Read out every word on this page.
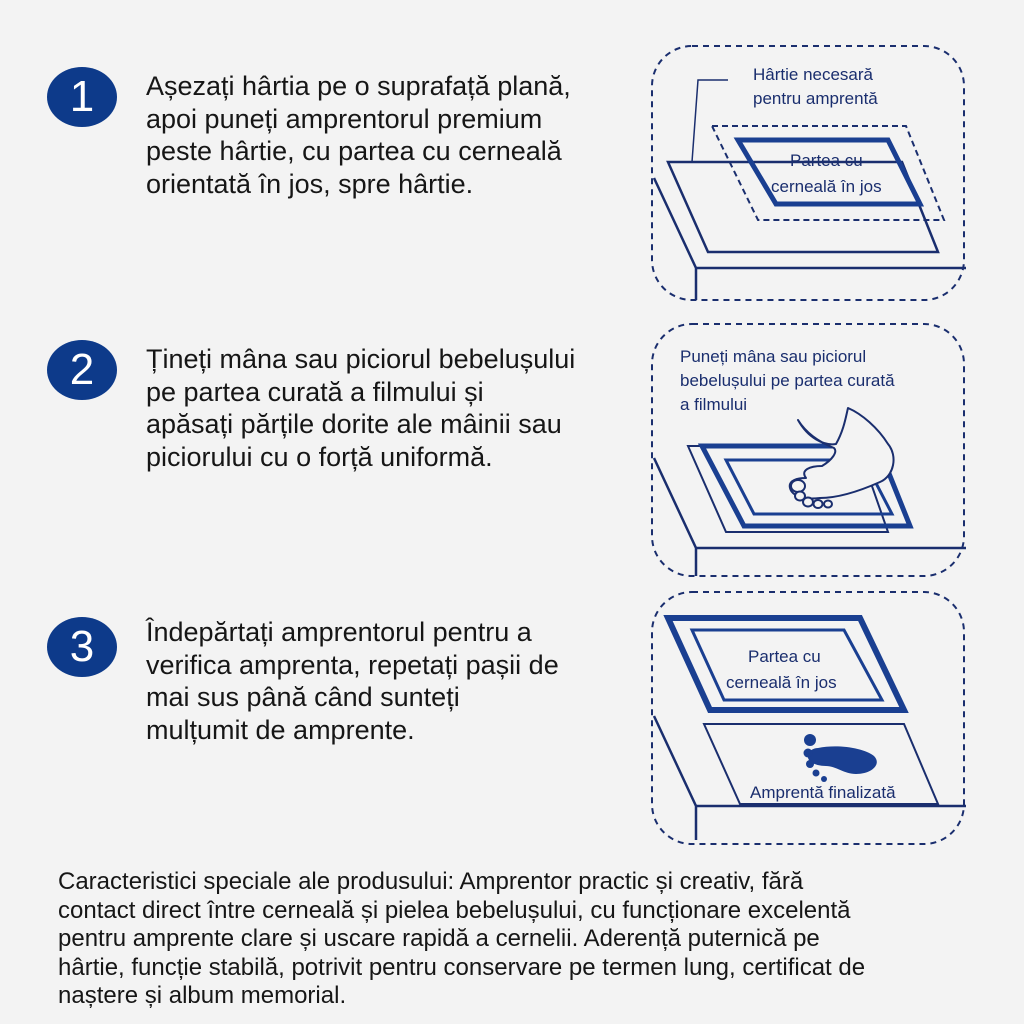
1	Așezați hârtia pe o suprafață plană,
apoi puneți amprentorul premium
peste hârtie, cu partea cu cerneală
orientată în jos, spre hârtie.

Hârtie necesară
pentru amprentă
Partea cu
cerneală în jos
2	Țineți mâna sau piciorul bebelușului
pe partea curată a filmului și
apăsați părțile dorite ale mâinii sau
piciorului cu o forță uniformă.

Puneți mâna sau piciorul
bebelușului pe partea curată
a filmului
3	Îndepărtați amprentorul pentru a
verifica amprenta, repetați pașii de
mai sus până când sunteți
mulțumit de amprente.

Partea cu
cerneală în jos
Amprentă finalizată

Caracteristici speciale ale produsului: Amprentor practic și creativ, fără
contact direct între cerneală și pielea bebelușului, cu funcționare excelentă
pentru amprente clare și uscare rapidă a cernelii. Aderență puternică pe
hârtie, funcție stabilă, potrivit pentru conservare pe termen lung, certificat de
naștere și album memorial.
